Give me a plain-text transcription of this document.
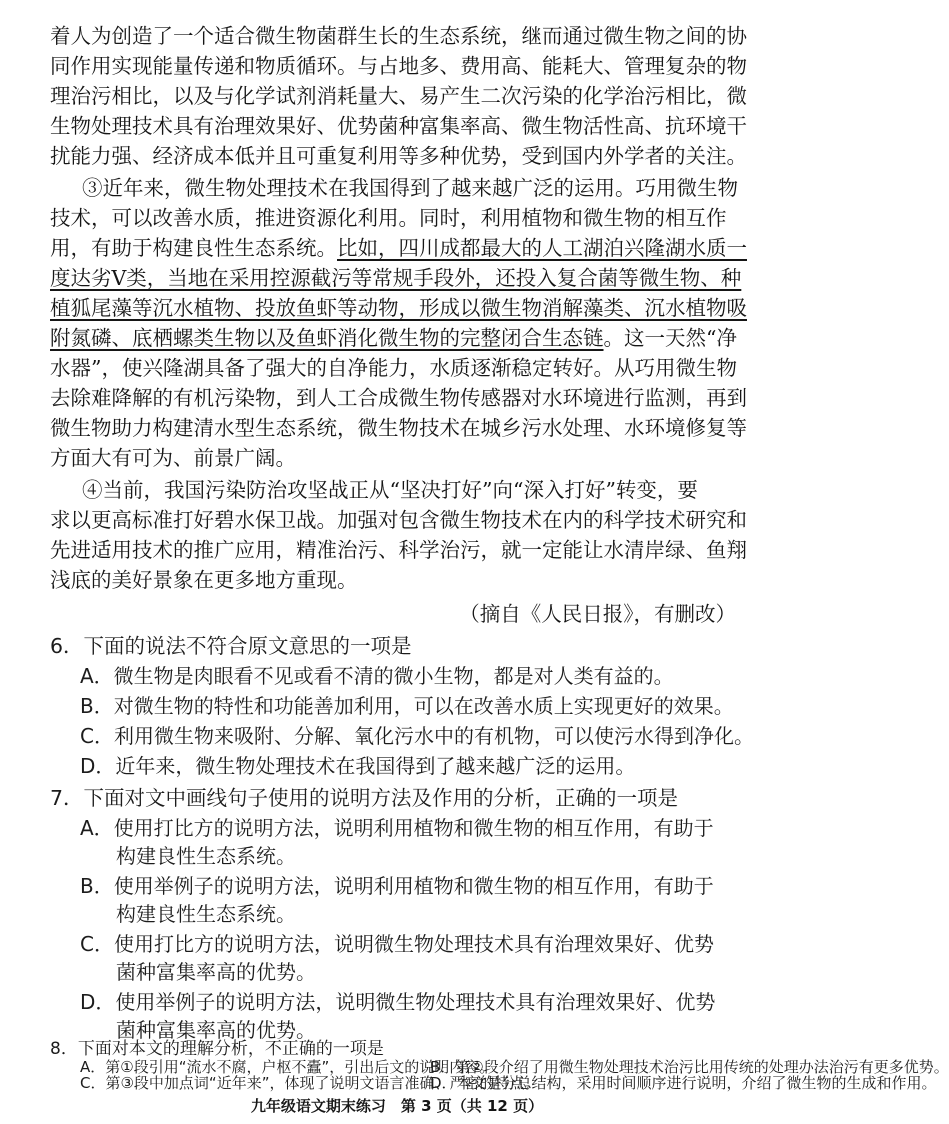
着人为创造了一个适合微生物菌群生长的生态系统，继而通过微生物之间的协
同作用实现能量传递和物质循环。与占地多、费用高、能耗大、管理复杂的物
理治污相比，以及与化学试剂消耗量大、易产生二次污染的化学治污相比，微
生物处理技术具有治理效果好、优势菌种富集率高、微生物活性高、抗环境干
扰能力强、经济成本低并且可重复利用等多种优势，受到国内外学者的关注。
③近年来，微生物处理技术在我国得到了越来越广泛的运用。巧用微生物
技术，可以改善水质，推进资源化利用。同时，利用植物和微生物的相互作
用，有助于构建良性生态系统。比如，四川成都最大的人工湖泊兴隆湖水质一
度达劣Ⅴ类，当地在采用控源截污等常规手段外，还投入复合菌等微生物、种
植狐尾藻等沉水植物、投放鱼虾等动物，形成以微生物消解藻类、沉水植物吸
附氮磷、底栖螺类生物以及鱼虾消化微生物的完整闭合生态链。这一天然“净
水器”，使兴隆湖具备了强大的自净能力，水质逐渐稳定转好。从巧用微生物
去除难降解的有机污染物，到人工合成微生物传感器对水环境进行监测，再到
微生物助力构建清水型生态系统，微生物技术在城乡污水处理、水环境修复等
方面大有可为、前景广阔。
④当前，我国污染防治攻坚战正从“坚决打好”向“深入打好”转变，要
求以更高标准打好碧水保卫战。加强对包含微生物技术在内的科学技术研究和
先进适用技术的推广应用，精准治污、科学治污，就一定能让水清岸绿、鱼翔
浅底的美好景象在更多地方重现。
（摘自《人民日报》，有删改）
6．下面的说法不符合原文意思的一项是
A．微生物是肉眼看不见或看不清的微小生物，都是对人类有益的。
B．对微生物的特性和功能善加利用，可以在改善水质上实现更好的效果。
C．利用微生物来吸附、分解、氧化污水中的有机物，可以使污水得到净化。
D．近年来，微生物处理技术在我国得到了越来越广泛的运用。
7．下面对文中画线句子使用的说明方法及作用的分析，正确的一项是
A．使用打比方的说明方法，说明利用植物和微生物的相互作用，有助于
构建良性生态系统。
B．使用举例子的说明方法，说明利用植物和微生物的相互作用，有助于
构建良性生态系统。
C．使用打比方的说明方法，说明微生物处理技术具有治理效果好、优势
菌种富集率高的优势。
D．使用举例子的说明方法，说明微生物处理技术具有治理效果好、优势
菌种富集率高的优势。
8．下面对本文的理解分析，不正确的一项是
A．第①段引用“流水不腐，户枢不蠹”，引出后文的说明内容。
B．第②段介绍了用微生物处理技术治污比用传统的处理办法治污有更多优势。
C．第③段中加点词“近年来”，体现了说明文语言准确、严密的特点。
D．本文是分总结构，采用时间顺序进行说明，介绍了微生物的生成和作用。
九年级语文期末练习　第 3 页（共 12 页）
